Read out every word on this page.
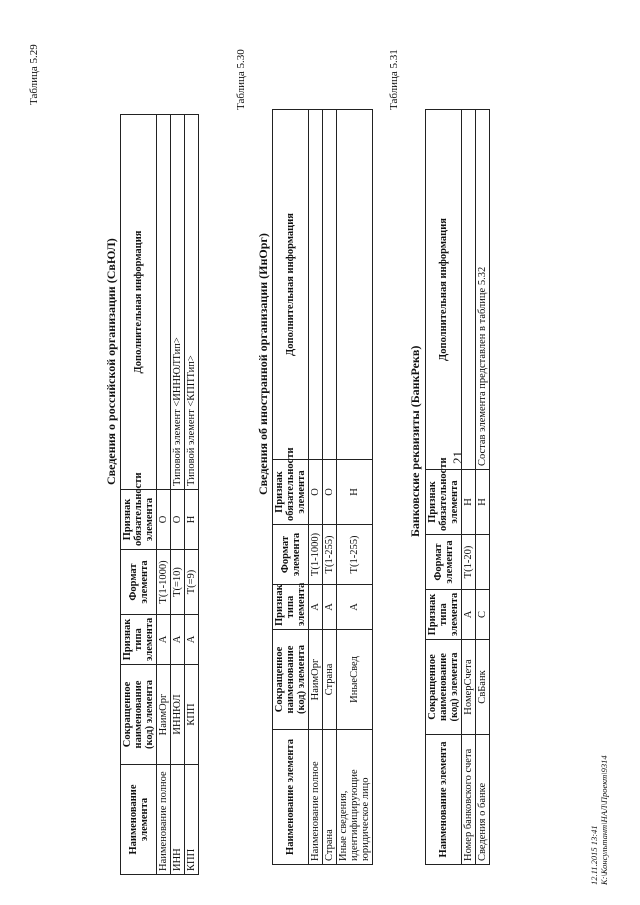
21
Таблица 5.29
Сведения о российской организации (СвЮЛ)
Наименование элемента	Сокращенное наименование (код) элемента	Признак типа элемента	Формат элемента	Признак обязательности элемента	Дополнительная информация
Наименование полное	НаимОрг	А	T(1-1000)	О	
ИНН	ИННЮЛ	А	T(=10)	О	Типовой элемент <ИННЮЛТип>
КПП	КПП	А	T(=9)	Н	Типовой элемент <КППТип>
Таблица 5.30
Сведения об иностранной организации (ИнОрг)
Наименование элемента	Сокращенное наименование (код) элемента	Признак типа элемента	Формат элемента	Признак обязательности элемента	Дополнительная информация
Наименование полное	НаимОрг	А	T(1-1000)	О	
Страна	Страна	А	T(1-255)	О	
Иные сведения, идентифицирующие юридическое лицо	ИныеСвед	А	T(1-255)	Н	
Таблица 5.31
Банковские реквизиты (БанкРекв)
Наименование элемента	Сокращенное наименование (код) элемента	Признак типа элемента	Формат элемента	Признак обязательности элемента	Дополнительная информация
Номер банковского счета	НомерСчета	А	T(1-20)	Н	
Сведения о банке	СвБанк	С		Н	Состав элемента представлен в таблице 5.32
12.11.2015 13:41 К:\Консультант\НАЛ\Проект\9314
